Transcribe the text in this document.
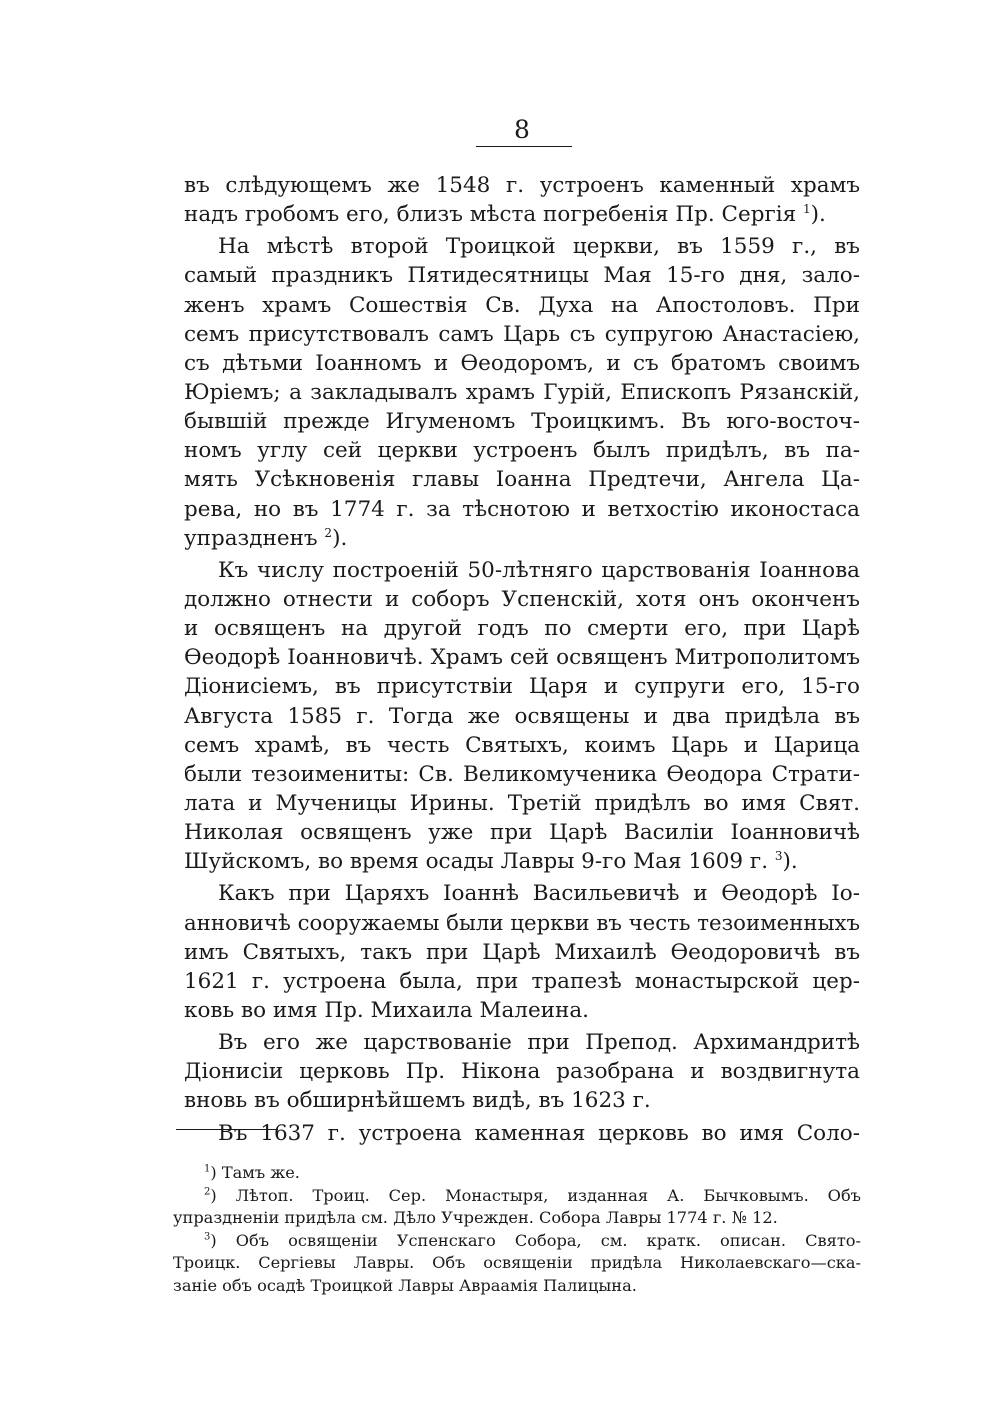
8
въ слѣдующемъ же 1548 г. устроенъ каменный храмъ
надъ гробомъ его, близъ мѣста погребенія Пр. Сергія $^1$).
На мѣстѣ второй Троицкой церкви, въ 1559 г., въ
самый праздникъ Пятидесятницы Мая 15-го дня, зало-
женъ храмъ Сошествія Св. Духа на Апостоловъ. При
семъ присутствовалъ самъ Царь съ супругою Анастасіею,
съ дѣтьми Іоанномъ и Ѳеодоромъ, и съ братомъ своимъ
Юріемъ; а закладывалъ храмъ Гурій, Епископъ Рязанскій,
бывшій прежде Игуменомъ Троицкимъ. Въ юго-восточ-
номъ углу сей церкви устроенъ былъ придѣлъ, въ па-
мять Усѣкновенія главы Іоанна Предтечи, Ангела Ца-
рева, но въ 1774 г. за тѣснотою и ветхостію иконостаса
упраздненъ $^2$).
Къ числу построеній 50-лѣтняго царствованія Іоаннова
должно отнести и соборъ Успенскій, хотя онъ оконченъ
и освященъ на другой годъ по смерти его, при Царѣ
Ѳеодорѣ Іоанновичѣ. Храмъ сей освященъ Митрополитомъ
Діонисіемъ, въ присутствіи Царя и супруги его, 15-го
Августа 1585 г. Тогда же освящены и два придѣла въ
семъ храмѣ, въ честь Святыхъ, коимъ Царь и Царица
были тезоимениты: Св. Великомученика Ѳеодора Страти-
лата и Мученицы Ирины. Третій придѣлъ во имя Свят.
Николая освященъ уже при Царѣ Василіи Іоанновичѣ
Шуйскомъ, во время осады Лавры 9-го Мая 1609 г. $^3$).
Какъ при Царяхъ Іоаннѣ Васильевичѣ и Ѳеодорѣ Іо-
анновичѣ сооружаемы были церкви въ честь тезоименныхъ
имъ Святыхъ, такъ при Царѣ Михаилѣ Ѳеодоровичѣ въ
1621 г. устроена была, при трапезѣ монастырской цер-
ковь во имя Пр. Михаила Малеина.
Въ его же царствованіе при Препод. Архимандритѣ
Діонисіи церковь Пр. Нікона разобрана и воздвигнута
вновь въ обширнѣйшемъ видѣ, въ 1623 г.
Въ 1637 г. устроена каменная церковь во имя Соло-
$^1$) Тамъ же.
$^2$) Лѣтоп. Троиц. Сер. Монастыря, изданная А. Бычковымъ. Объ
упраздненіи придѣла см. Дѣло Учрежден. Собора Лавры 1774 г. № 12.
$^3$) Объ освященіи Успенскаго Собора, см. кратк. описан. Свято-
Троицк. Сергіевы Лавры. Объ освященіи придѣла Николаевскаго—ска-
заніе объ осадѣ Троицкой Лавры Авраамія Палицына.
